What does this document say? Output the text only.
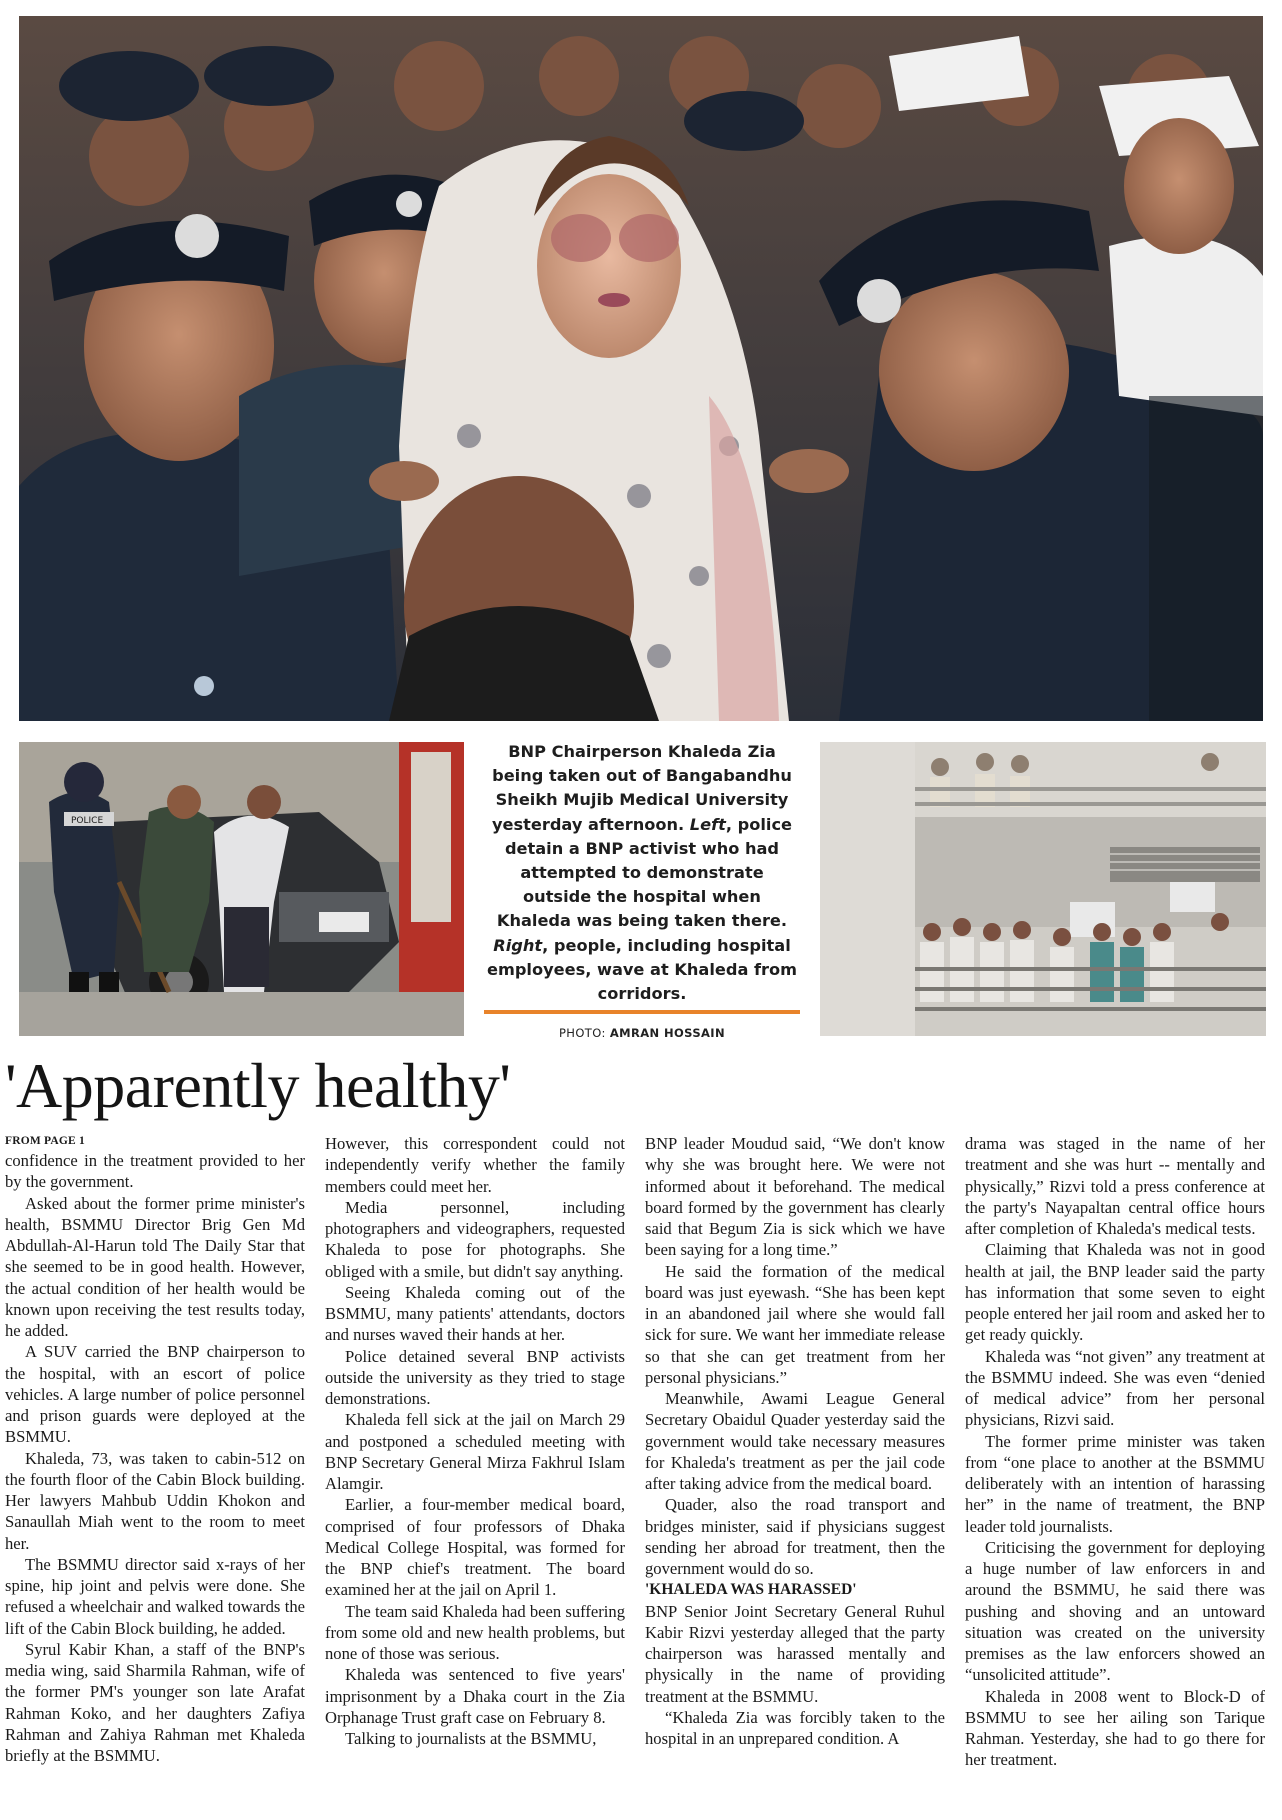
POLICE

BNP Chairperson Khaleda Zia being taken out of Bangabandhu Sheikh Mujib Medical University yesterday afternoon. Left, police detain a BNP activist who had attempted to demonstrate outside the hospital when Khaleda was being taken there. Right, people, including hospital employees, wave at Khaleda from corridors.

PHOTO: AMRAN HOSSAIN
'Apparently healthy'
FROM PAGE 1

confidence in the treatment provided to her by the government.

Asked about the former prime minister's health, BSMMU Director Brig Gen Md Abdullah-Al-Harun told The Daily Star that she seemed to be in good health. However, the actual condition of her health would be known upon receiving the test results today, he added.

A SUV carried the BNP chairperson to the hospital, with an escort of police vehicles. A large number of police personnel and prison guards were deployed at the BSMMU.

Khaleda, 73, was taken to cabin-512 on the fourth floor of the Cabin Block building. Her lawyers Mahbub Uddin Khokon and Sanaullah Miah went to the room to meet her.

The BSMMU director said x-rays of her spine, hip joint and pelvis were done. She refused a wheelchair and walked towards the lift of the Cabin Block building, he added.

Syrul Kabir Khan, a staff of the BNP's media wing, said Sharmila Rahman, wife of the former PM's younger son late Arafat Rahman Koko, and her daughters Zafiya Rahman and Zahiya Rahman met Khaleda briefly at the BSMMU.

However, this correspondent could not independently verify whether the family members could meet her.

Media personnel, including photographers and videographers, requested Khaleda to pose for photographs. She obliged with a smile, but didn't say anything.

Seeing Khaleda coming out of the BSMMU, many patients' attendants, doctors and nurses waved their hands at her.

Police detained several BNP activists outside the university as they tried to stage demonstrations.

Khaleda fell sick at the jail on March 29 and postponed a scheduled meeting with BNP Secretary General Mirza Fakhrul Islam Alamgir.

Earlier, a four-member medical board, comprised of four professors of Dhaka Medical College Hospital, was formed for the BNP chief's treatment. The board examined her at the jail on April 1.

The team said Khaleda had been suffering from some old and new health problems, but none of those was serious.

Khaleda was sentenced to five years' imprisonment by a Dhaka court in the Zia Orphanage Trust graft case on February 8.

Talking to journalists at the BSMMU,

BNP leader Moudud said, “We don't know why she was brought here. We were not informed about it beforehand. The medical board formed by the government has clearly said that Begum Zia is sick which we have been saying for a long time.”

He said the formation of the medical board was just eyewash. “She has been kept in an abandoned jail where she would fall sick for sure. We want her immediate release so that she can get treatment from her personal physicians.”

Meanwhile, Awami League General Secretary Obaidul Quader yesterday said the government would take necessary measures for Khaleda's treatment as per the jail code after taking advice from the medical board.

Quader, also the road transport and bridges minister, said if physicians suggest sending her abroad for treatment, then the government would do so.

'KHALEDA WAS HARASSED'

BNP Senior Joint Secretary General Ruhul Kabir Rizvi yesterday alleged that the party chairperson was harassed mentally and physically in the name of providing treatment at the BSMMU.

“Khaleda Zia was forcibly taken to the hospital in an unprepared condition. A

drama was staged in the name of her treatment and she was hurt -- mentally and physically,” Rizvi told a press conference at the party's Nayapaltan central office hours after completion of Khaleda's medical tests.

Claiming that Khaleda was not in good health at jail, the BNP leader said the party has information that some seven to eight people entered her jail room and asked her to get ready quickly.

Khaleda was “not given” any treatment at the BSMMU indeed. She was even “denied of medical advice” from her personal physicians, Rizvi said.

The former prime minister was taken from “one place to another at the BSMMU deliberately with an intention of harassing her” in the name of treatment, the BNP leader told journalists.

Criticising the government for deploying a huge number of law enforcers in and around the BSMMU, he said there was pushing and shoving and an untoward situation was created on the university premises as the law enforcers showed an “unsolicited attitude”.

Khaleda in 2008 went to Block-D of BSMMU to see her ailing son Tarique Rahman. Yesterday, she had to go there for her treatment.
